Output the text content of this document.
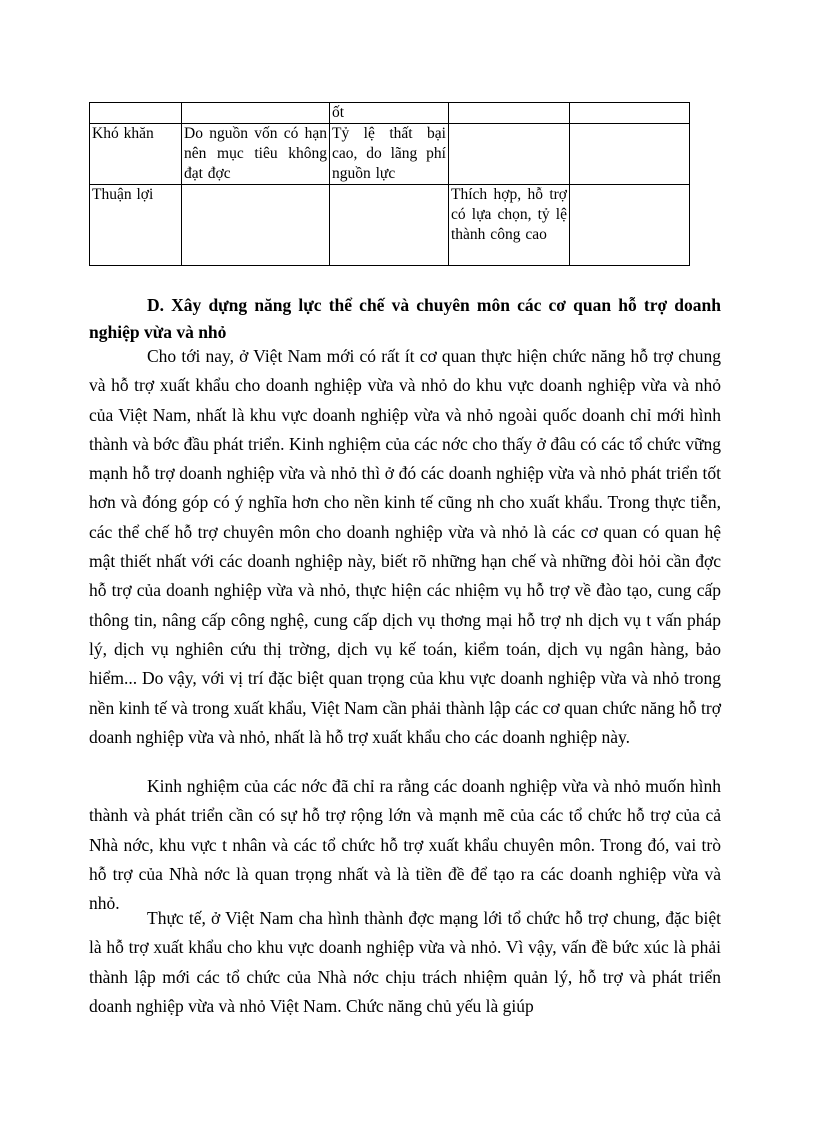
		ốt		
Khó khăn	Do nguồn vốn có hạn nên mục tiêu không đạt đợc	Tỷ lệ thất bại cao, do lãng phí nguồn lực		
Thuận lợi			Thích hợp, hỗ trợ có lựa chọn, tỷ lệ thành công cao	
D. Xây dựng năng lực thể chế và chuyên môn các cơ quan hỗ trợ doanh nghiệp vừa và nhỏ

Cho tới nay, ở Việt Nam mới có rất ít cơ quan thực hiện chức năng hỗ trợ chung và hỗ trợ xuất khẩu cho doanh nghiệp vừa và nhỏ do khu vực doanh nghiệp vừa và nhỏ của Việt Nam, nhất là khu vực doanh nghiệp vừa và nhỏ ngoài quốc doanh chỉ mới hình thành và bớc đầu phát triển. Kinh nghiệm của các nớc cho thấy ở đâu có các tổ chức vững mạnh hỗ trợ doanh nghiệp vừa và nhỏ thì ở đó các doanh nghiệp vừa và nhỏ phát triển tốt hơn và đóng góp có ý nghĩa hơn cho nền kinh tế cũng nh cho xuất khẩu. Trong thực tiễn, các thể chế hỗ trợ chuyên môn cho doanh nghiệp vừa và nhỏ là các cơ quan có quan hệ mật thiết nhất với các doanh nghiệp này, biết rõ những hạn chế và những đòi hỏi cần đợc hỗ trợ của doanh nghiệp vừa và nhỏ, thực hiện các nhiệm vụ hỗ trợ về đào tạo, cung cấp thông tin, nâng cấp công nghệ, cung cấp dịch vụ thơng mại hỗ trợ nh dịch vụ t vấn pháp lý, dịch vụ nghiên cứu thị trờng, dịch vụ kế toán, kiểm toán, dịch vụ ngân hàng, bảo hiểm... Do vậy, với vị trí đặc biệt quan trọng của khu vực doanh nghiệp vừa và nhỏ trong nền kinh tế và trong xuất khẩu, Việt Nam cần phải thành lập các cơ quan chức năng hỗ trợ doanh nghiệp vừa và nhỏ, nhất là hỗ trợ xuất khẩu cho các doanh nghiệp này.

Kinh nghiệm của các nớc đã chỉ ra rằng các doanh nghiệp vừa và nhỏ muốn hình thành và phát triển cần có sự hỗ trợ rộng lớn và mạnh mẽ của các tổ chức hỗ trợ của cả Nhà nớc, khu vực t nhân và các tổ chức hỗ trợ xuất khẩu chuyên môn. Trong đó, vai trò hỗ trợ của Nhà nớc là quan trọng nhất và là tiền đề để tạo ra các doanh nghiệp vừa và nhỏ.

Thực tế, ở Việt Nam cha hình thành đợc mạng lới tổ chức hỗ trợ chung, đặc biệt là hỗ trợ xuất khẩu cho khu vực doanh nghiệp vừa và nhỏ. Vì vậy, vấn đề bức xúc là phải thành lập mới các tổ chức của Nhà nớc chịu trách nhiệm quản lý, hỗ trợ và phát triển doanh nghiệp vừa và nhỏ Việt Nam. Chức năng chủ yếu là giúp
